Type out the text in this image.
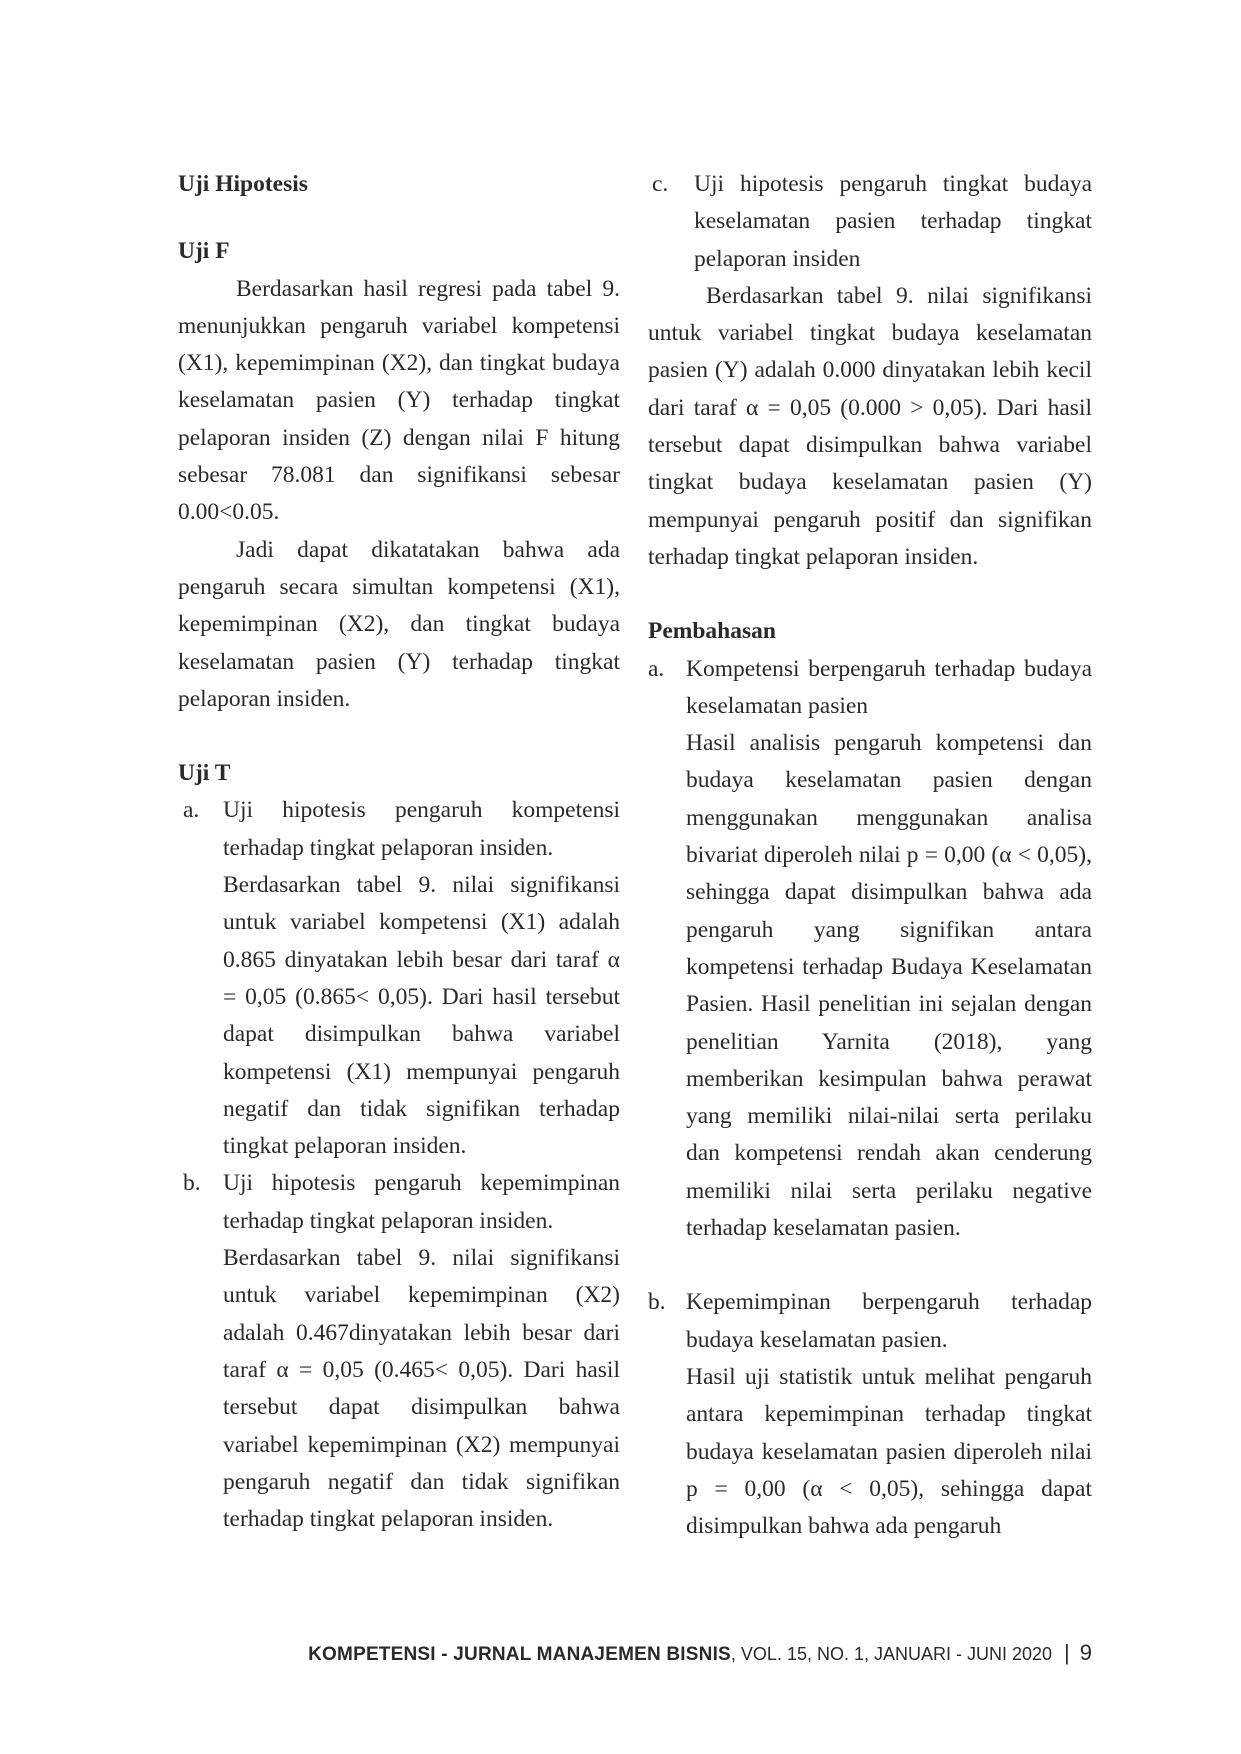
Uji Hipotesis

Uji F

Berdasarkan hasil regresi pada tabel 9. menunjukkan pengaruh variabel kompetensi (X1), kepemimpinan (X2), dan tingkat budaya keselamatan pasien (Y) terhadap tingkat pelaporan insiden (Z) dengan nilai F hitung sebesar 78.081 dan signifikansi sebesar 0.00<0.05.

Jadi dapat dikatatakan bahwa ada pengaruh secara simultan kompetensi (X1), kepemimpinan (X2), dan tingkat budaya keselamatan pasien (Y) terhadap tingkat pelaporan insiden.

Uji T

a.	Uji hipotesis pengaruh kompetensi terhadap tingkat pelaporan insiden.

Berdasarkan tabel 9. nilai signifikansi untuk variabel kompetensi (X1) adalah 0.865 dinyatakan lebih besar dari taraf α = 0,05 (0.865< 0,05). Dari hasil tersebut dapat disimpulkan bahwa variabel kompetensi (X1) mempunyai pengaruh negatif dan tidak signifikan terhadap tingkat pelaporan insiden.

b. Uji hipotesis pengaruh kepemimpinan terhadap tingkat pelaporan insiden.

Berdasarkan tabel 9. nilai signifikansi untuk variabel kepemimpinan (X2) adalah 0.467dinyatakan lebih besar dari taraf α = 0,05 (0.465< 0,05). Dari hasil tersebut dapat disimpulkan bahwa variabel kepemimpinan (X2) mempunyai pengaruh negatif dan tidak signifikan terhadap tingkat pelaporan insiden.

c.	Uji hipotesis pengaruh tingkat budaya keselamatan pasien terhadap tingkat pelaporan insiden

Berdasarkan tabel 9. nilai signifikansi untuk variabel tingkat budaya keselamatan pasien (Y) adalah 0.000 dinyatakan lebih kecil dari taraf α = 0,05 (0.000 > 0,05). Dari hasil tersebut dapat disimpulkan bahwa variabel tingkat budaya keselamatan pasien (Y) mempunyai pengaruh positif dan signifikan terhadap tingkat pelaporan insiden.

Pembahasan

a. Kompetensi berpengaruh terhadap budaya keselamatan pasien

Hasil analisis pengaruh kompetensi dan budaya keselamatan pasien dengan menggunakan menggunakan analisa bivariat diperoleh nilai p = 0,00 (α < 0,05), sehingga dapat disimpulkan bahwa ada pengaruh yang signifikan antara kompetensi terhadap Budaya Keselamatan Pasien. Hasil penelitian ini sejalan dengan penelitian Yarnita (2018), yang memberikan kesimpulan bahwa perawat yang memiliki nilai-nilai serta perilaku dan kompetensi rendah akan cenderung memiliki nilai serta perilaku negative terhadap keselamatan pasien.

b. Kepemimpinan berpengaruh terhadap budaya keselamatan pasien.

Hasil uji statistik untuk melihat pengaruh antara kepemimpinan terhadap tingkat budaya keselamatan pasien diperoleh nilai p = 0,00 (α < 0,05), sehingga dapat disimpulkan bahwa ada pengaruh

KOMPETENSI - JURNAL MANAJEMEN BISNIS, VOL. 15, NO. 1, JANUARI - JUNI 2020 | 9
